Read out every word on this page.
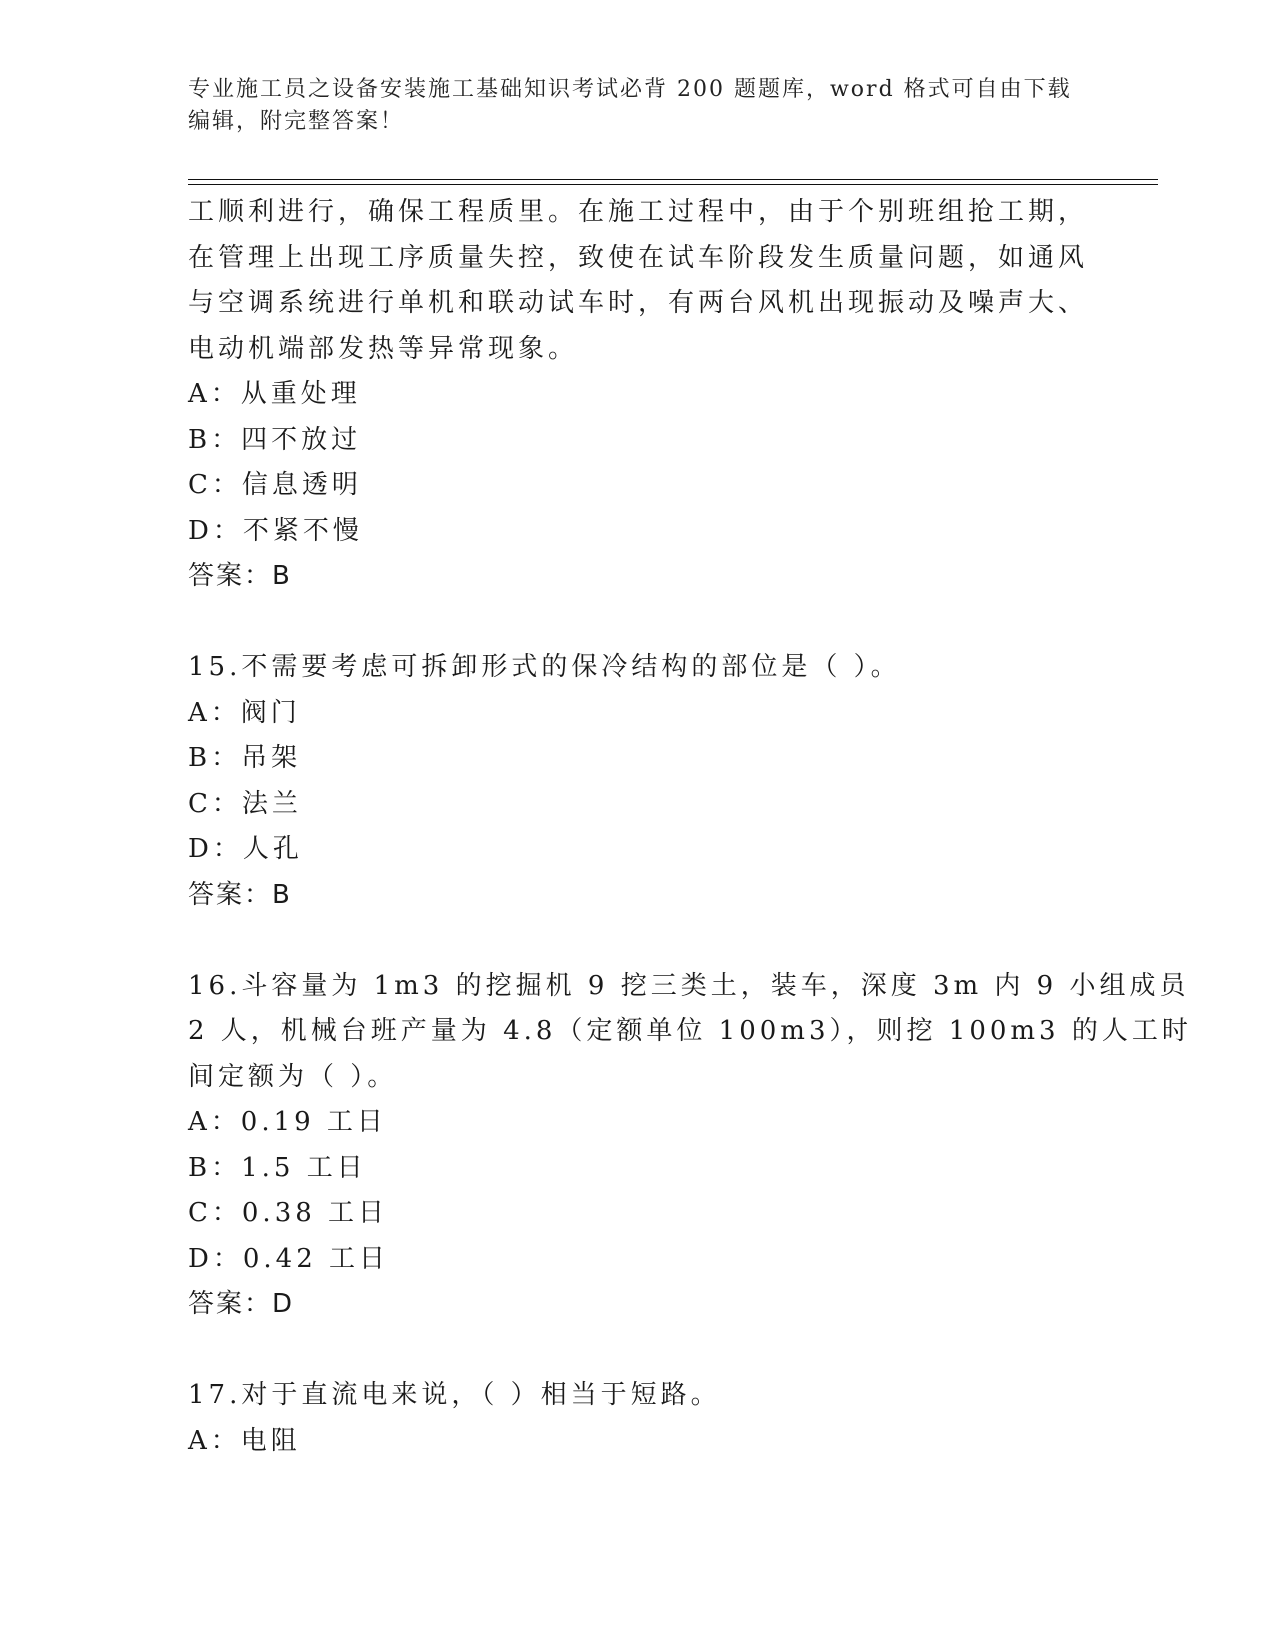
专业施工员之设备安装施工基础知识考试必背 200 题题库，word 格式可自由下载
编辑，附完整答案！
工顺利进行，确保工程质里。在施工过程中，由于个别班组抢工期，
在管理上出现工序质量失控，致使在试车阶段发生质量问题，如通风
与空调系统进行单机和联动试车时，有两台风机出现振动及噪声大、
电动机端部发热等异常现象。
A：从重处理
B：四不放过
C：信息透明
D：不紧不慢
答案：B
15.不需要考虑可拆卸形式的保冷结构的部位是（ ）。
A：阀门
B：吊架
C：法兰
D：人孔
答案：B
16.斗容量为 1m3 的挖掘机 9 挖三类土，装车，深度 3m 内 9 小组成员
2 人，机械台班产量为 4.8（定额单位 100m3），则挖 100m3 的人工时
间定额为（ ）。
A：0.19 工日
B：1.5 工日
C：0.38 工日
D：0.42 工日
答案：D
17.对于直流电来说，（ ）相当于短路。
A：电阻
